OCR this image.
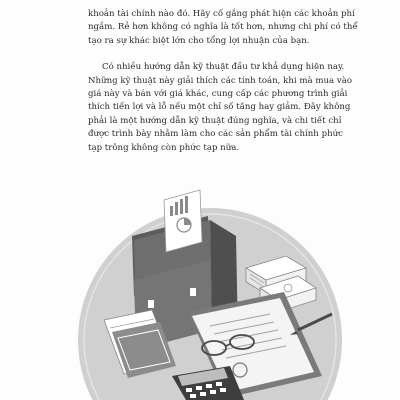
khoản tài chính nào đó. Hãy cố gắng phát hiện các khoản phí
ngầm. Rẻ hơn không có nghĩa là tốt hơn, nhưng chi phí có thể
tạo ra sự khác biệt lớn cho tổng lợi nhuận của bạn.
Có nhiều hướng dẫn kỹ thuật đầu tư khả dụng hiện nay.
Những kỹ thuật này giải thích các tính toán, khi mà mua vào
giá này và bán với giá khác, cung cấp các phương trình giải
thích tiến lợi và lỗ nếu một chỉ số tăng hay giảm. Đây không
phải là một hướng dẫn kỹ thuật đúng nghĩa, và chi tiết chỉ
được trình bày nhằm làm cho các sản phẩm tài chính phức
tạp trông không còn phức tạp nữa.
